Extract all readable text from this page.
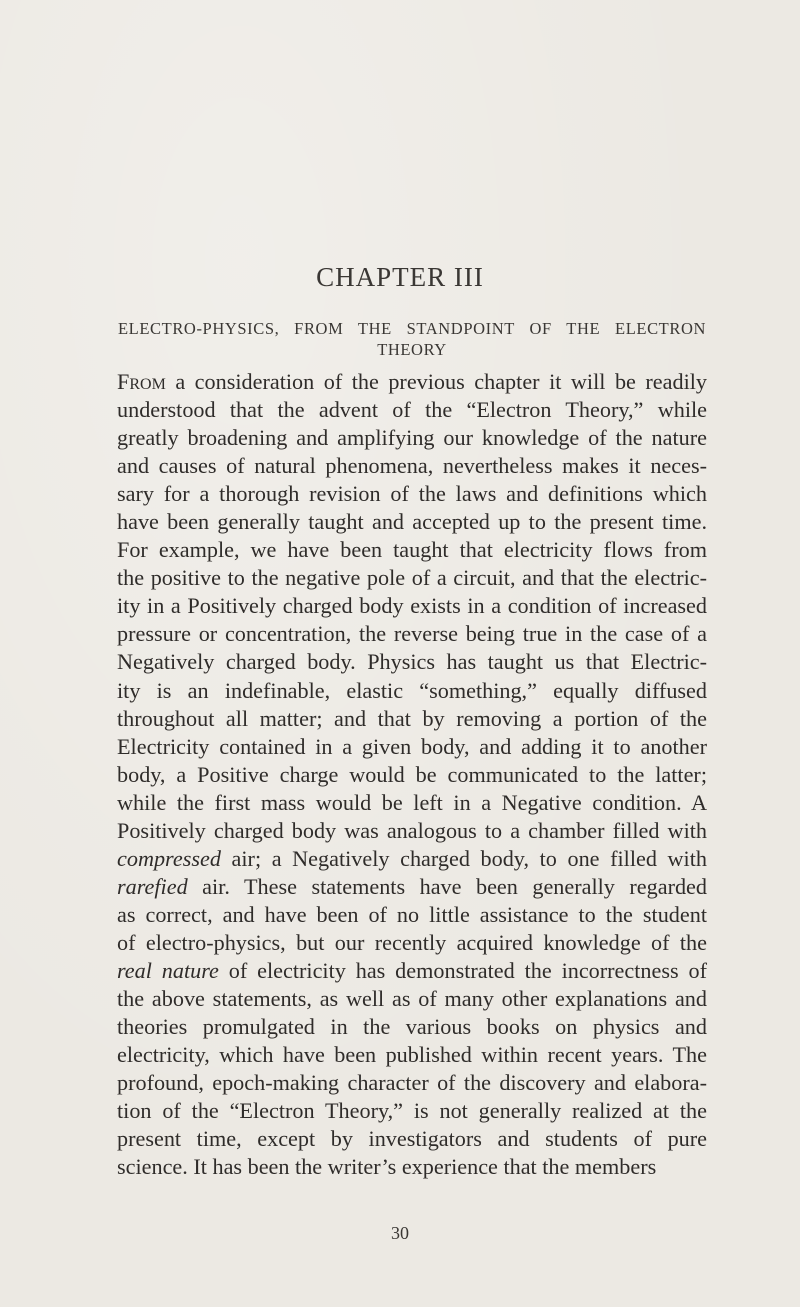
CHAPTER III
ELECTRO-PHYSICS, FROM THE STANDPOINT OF THE ELECTRON
THEORY
From a consideration of the previous chapter it will be readily
understood that the advent of the “Electron Theory,” while
greatly broadening and amplifying our knowledge of the nature
and causes of natural phenomena, nevertheless makes it neces-
sary for a thorough revision of the laws and definitions which
have been generally taught and accepted up to the present time.
For example, we have been taught that electricity flows from
the positive to the negative pole of a circuit, and that the electric-
ity in a Positively charged body exists in a condition of increased
pressure or concentration, the reverse being true in the case of a
Negatively charged body. Physics has taught us that Electric-
ity is an indefinable, elastic “something,” equally diffused
throughout all matter; and that by removing a portion of the
Electricity contained in a given body, and adding it to another
body, a Positive charge would be communicated to the latter;
while the first mass would be left in a Negative condition. A
Positively charged body was analogous to a chamber filled with
compressed air; a Negatively charged body, to one filled with
rarefied air. These statements have been generally regarded
as correct, and have been of no little assistance to the student
of electro-physics, but our recently acquired knowledge of the
real nature of electricity has demonstrated the incorrectness of
the above statements, as well as of many other explanations and
theories promulgated in the various books on physics and
electricity, which have been published within recent years. The
profound, epoch-making character of the discovery and elabora-
tion of the “Electron Theory,” is not generally realized at the
present time, except by investigators and students of pure
science. It has been the writer’s experience that the members
30
